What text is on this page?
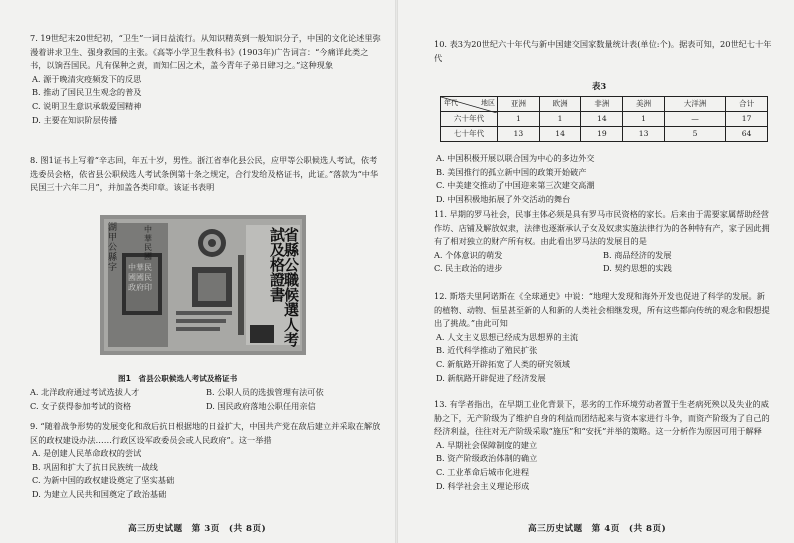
7. 19世纪末20世纪初，“卫生”一词日益流行。从知识精英到一般知识分子，中国的文化论述里弥漫着讲求卫生、强身救国的主张。《高等小学卫生教科书》(1903年)广告词言：“今痛详此类之书，以饷吾国民。凡有保种之责，而知仁因之术，盖今青年子弟日肆习之。”这种现象

A. 源于晚清灾疫频发下的反思

B. 推动了国民卫生观念的普及

C. 说明卫生意识承载爱国精神

D. 主要在知识阶层传播

8. 图1证书上写着“辛志回，年五十岁，男性。浙江省奉化县公民，应甲等公职候选人考试，依考选委员会格，依省县公职候选人考试条例第十条之规定，合行发给及格证书，此证。”落款为“中华民国三十六年二月”，并加盖各类印章。该证书表明

湖甲公縣字
中華民國
中華民國國民政府印	省縣公職候選人考試及格證書
图1　省县公职候选人考试及格证书
A. 北洋政府通过考试选拔人才	B. 公职人员的选拔管理有法可依
C. 女子获得参加考试的资格	D. 国民政府落地公职任用亲信

9. “随着战争形势的发展变化和敌后抗日根据地的日益扩大，中国共产党在敌后建立并采取在解放区的政权建设办法……行政区设军政委员会或人民政府”。这一举措

A. 是创建人民革命政权的尝试

B. 巩固和扩大了抗日民族统一战线

C. 为新中国的政权建设奠定了坚实基础

D. 为建立人民共和国奠定了政治基础

高三历史试题　第 3页　(共 8页)

10. 表3为20世纪六十年代与新中国建交国家数量统计表(单位:个)。据表可知，20世纪七十年代

表3
地区
年代	亚洲	欧洲	非洲	美洲	大洋洲	合计
六十年代	1	1	14	1	—	17
七十年代	13	14	19	13	5	64

A. 中国积极开展以联合国为中心的多边外交

B. 美国推行的孤立新中国的政策开始破产

C. 中美建交推动了中国迎来第三次建交高潮

D. 中国积极地拓展了外交活动的舞台

11. 早期的罗马社会，民事主体必须是具有罗马市民资格的家长。后来由于需要家属帮助经营作坊、店铺及解放奴隶，法律也逐渐承认子女及奴隶实施法律行为的各种特有产，家子因此拥有了相对独立的财产所有权。由此看出罗马法的发展目的是

A. 个体意识的萌发	B. 商品经济的发展
C. 民主政治的进步	D. 契约思想的实践

12. 斯塔夫里阿诺斯在《全球通史》中说：“地理大发现和海外开发也促进了科学的发展。新的植物、动物、恒星甚至新的人和新的人类社会相继发现，所有这些都向传统的观念和假想提出了挑战。”由此可知

A. 人文主义思想已经成为思想界的主流

B. 近代科学推动了殖民扩张

C. 新航路开辟拓宽了人类的研究领域

D. 新航路开辟促进了经济发展

13. 有学者指出，在早期工业化背景下，恶劣的工作环境劳动者置于生老病死殃以及失业的威胁之下，无产阶级为了维护自身的利益而团结起来与资本家进行斗争，而资产阶级为了自己的经济利益，往往对无产阶级采取“施压”和“安抚”并举的策略。这一分析作为原因可用于解释

A. 早期社会保障制度的建立

B. 资产阶级政治体制的确立

C. 工业革命后城市化进程

D. 科学社会主义理论形成

高三历史试题　第 4页　(共 8页)
